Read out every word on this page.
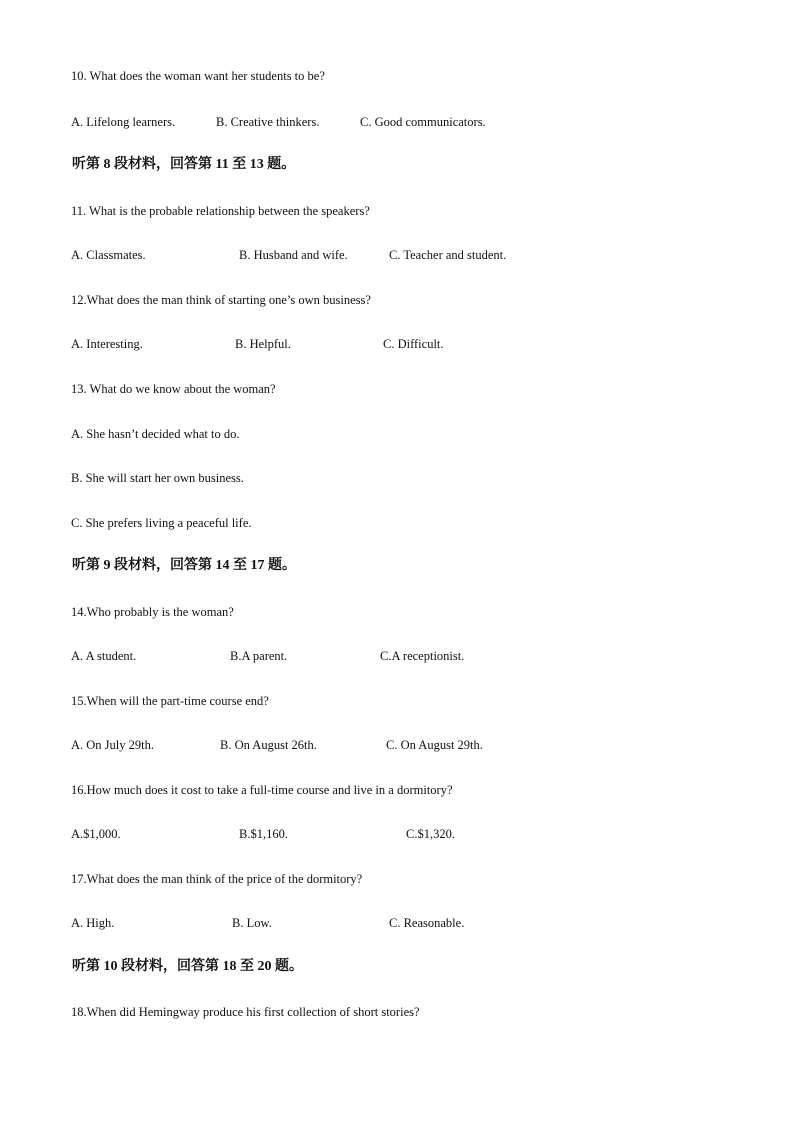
10. What does the woman want her students to be?
A. Lifelong learners.	B. Creative thinkers.	C. Good communicators.
听第 8 段材料，回答第 11 至 13 题。
11. What is the probable relationship between the speakers?
A. Classmates.	B. Husband and wife.	C. Teacher and student.
12.What does the man think of starting one’s own business?
A. Interesting.	B. Helpful.	C. Difficult.
13. What do we know about the woman?
A. She hasn’t decided what to do.
B. She will start her own business.
C. She prefers living a peaceful life.
听第 9 段材料，回答第 14 至 17 题。
14.Who probably is the woman?
A. A student.	B.A parent.	C.A receptionist.
15.When will the part-time course end?
A. On July 29th.	B. On August 26th.	C. On August 29th.
16.How much does it cost to take a full-time course and live in a dormitory?
A.$1,000.	B.$1,160.	C.$1,320.
17.What does the man think of the price of the dormitory?
A. High.	B. Low.	C. Reasonable.
听第 10 段材料，回答第 18 至 20 题。
18.When did Hemingway produce his first collection of short stories?
